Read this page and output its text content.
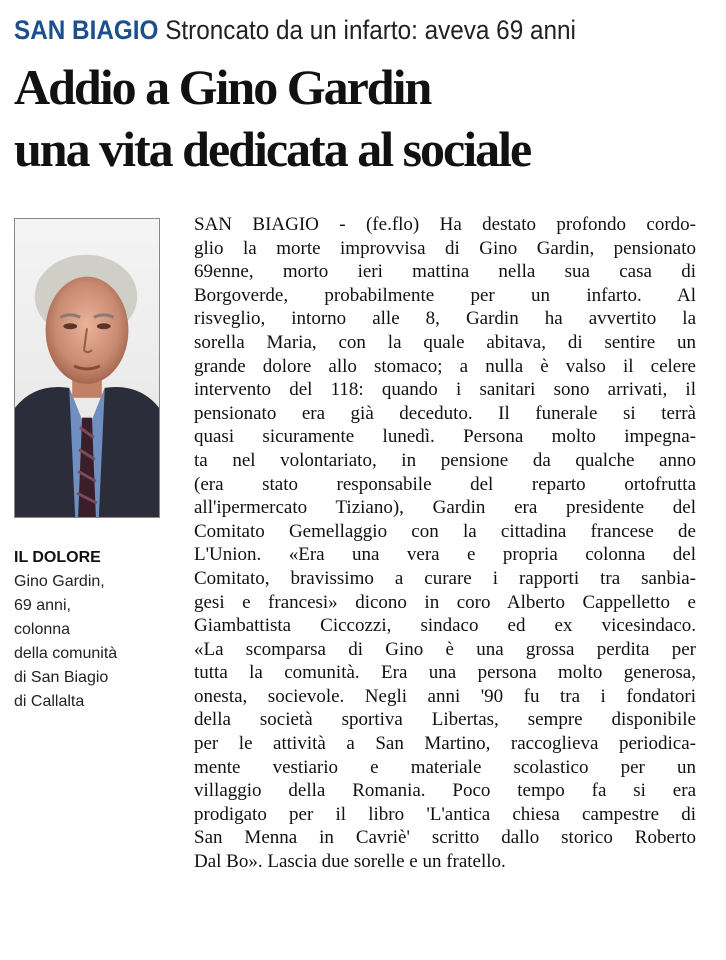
SAN BIAGIO Stroncato da un infarto: aveva 69 anni
Addio a Gino Gardin
una vita dedicata al sociale
IL DOLORE
Gino Gardin,
69 anni,
colonna
della comunità
di San Biagio
di Callalta
SAN BIAGIO - (fe.flo) Ha destato profondo cordo-
glio la morte improvvisa di Gino Gardin, pensionato
69enne, morto ieri mattina nella sua casa di
Borgoverde, probabilmente per un infarto. Al
risveglio, intorno alle 8, Gardin ha avvertito la
sorella Maria, con la quale abitava, di sentire un
grande dolore allo stomaco; a nulla è valso il celere
intervento del 118: quando i sanitari sono arrivati, il
pensionato era già deceduto. Il funerale si terrà
quasi sicuramente lunedì. Persona molto impegna-
ta nel volontariato, in pensione da qualche anno
(era stato responsabile del reparto ortofrutta
all'ipermercato Tiziano), Gardin era presidente del
Comitato Gemellaggio con la cittadina francese de
L'Union. «Era una vera e propria colonna del
Comitato, bravissimo a curare i rapporti tra sanbia-
gesi e francesi» dicono in coro Alberto Cappelletto e
Giambattista Ciccozzi, sindaco ed ex vicesindaco.
«La scomparsa di Gino è una grossa perdita per
tutta la comunità. Era una persona molto generosa,
onesta, socievole. Negli anni '90 fu tra i fondatori
della società sportiva Libertas, sempre disponibile
per le attività a San Martino, raccoglieva periodica-
mente vestiario e materiale scolastico per un
villaggio della Romania. Poco tempo fa si era
prodigato per il libro 'L'antica chiesa campestre di
San Menna in Cavriè' scritto dallo storico Roberto
Dal Bo». Lascia due sorelle e un fratello.
